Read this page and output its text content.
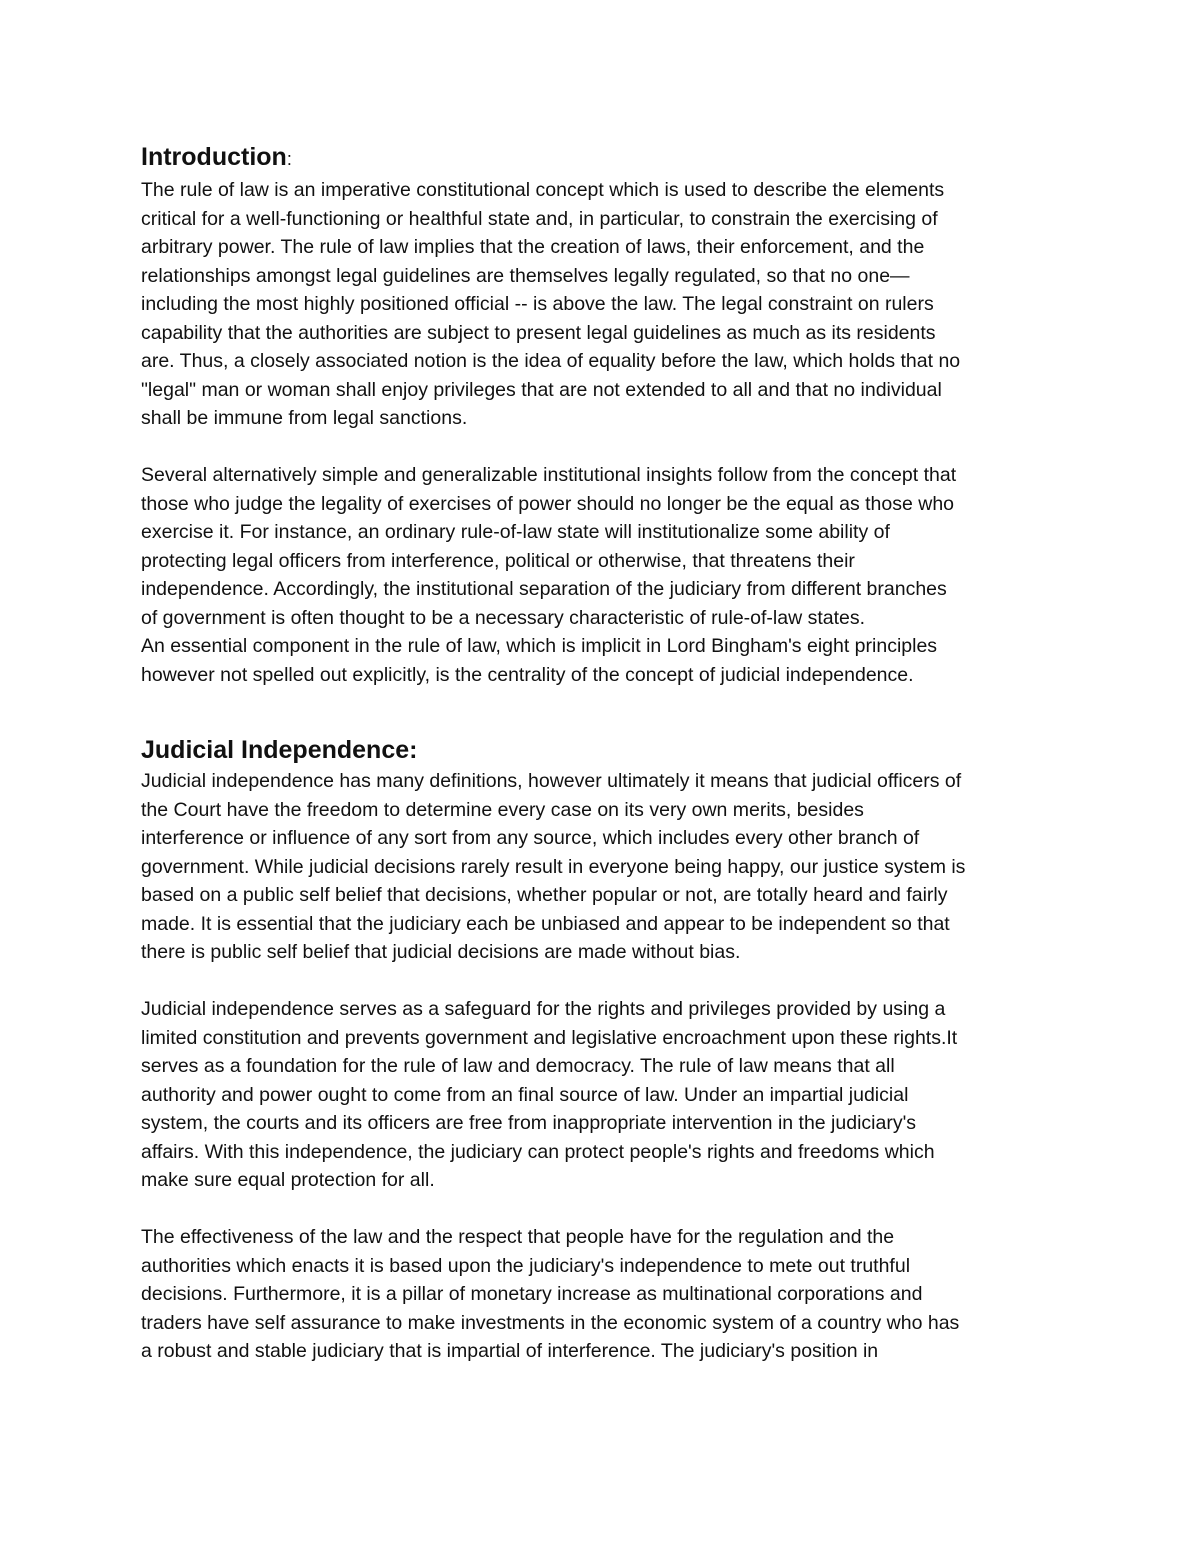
Introduction:

The rule of law is an imperative constitutional concept which is used to describe the elements
critical for a well-functioning or healthful state and, in particular, to constrain the exercising of
arbitrary power. The rule of law implies that the creation of laws, their enforcement, and the
relationships amongst legal guidelines are themselves legally regulated, so that no one—
including the most highly positioned official -- is above the law. The legal constraint on rulers
capability that the authorities are subject to present legal guidelines as much as its residents
are. Thus, a closely associated notion is the idea of equality before the law, which holds that no
"legal" man or woman shall enjoy privileges that are not extended to all and that no individual
shall be immune from legal sanctions.

Several alternatively simple and generalizable institutional insights follow from the concept that
those who judge the legality of exercises of power should no longer be the equal as those who
exercise it. For instance, an ordinary rule-of-law state will institutionalize some ability of
protecting legal officers from interference, political or otherwise, that threatens their
independence. Accordingly, the institutional separation of the judiciary from different branches
of government is often thought to be a necessary characteristic of rule-of-law states.

An essential component in the rule of law, which is implicit in Lord Bingham's eight principles
however not spelled out explicitly, is the centrality of the concept of judicial independence.

Judicial Independence:

Judicial independence has many definitions, however ultimately it means that judicial officers of
the Court have the freedom to determine every case on its very own merits, besides
interference or influence of any sort from any source, which includes every other branch of
government. While judicial decisions rarely result in everyone being happy, our justice system is
based on a public self belief that decisions, whether popular or not, are totally heard and fairly
made. It is essential that the judiciary each be unbiased and appear to be independent so that
there is public self belief that judicial decisions are made without bias.

Judicial independence serves as a safeguard for the rights and privileges provided by using a
limited constitution and prevents government and legislative encroachment upon these rights.It
serves as a foundation for the rule of law and democracy. The rule of law means that all
authority and power ought to come from an final source of law. Under an impartial judicial
system, the courts and its officers are free from inappropriate intervention in the judiciary's
affairs. With this independence, the judiciary can protect people's rights and freedoms which
make sure equal protection for all.

The effectiveness of the law and the respect that people have for the regulation and the
authorities which enacts it is based upon the judiciary's independence to mete out truthful
decisions. Furthermore, it is a pillar of monetary increase as multinational corporations and
traders have self assurance to make investments in the economic system of a country who has
a robust and stable judiciary that is impartial of interference. The judiciary's position in
